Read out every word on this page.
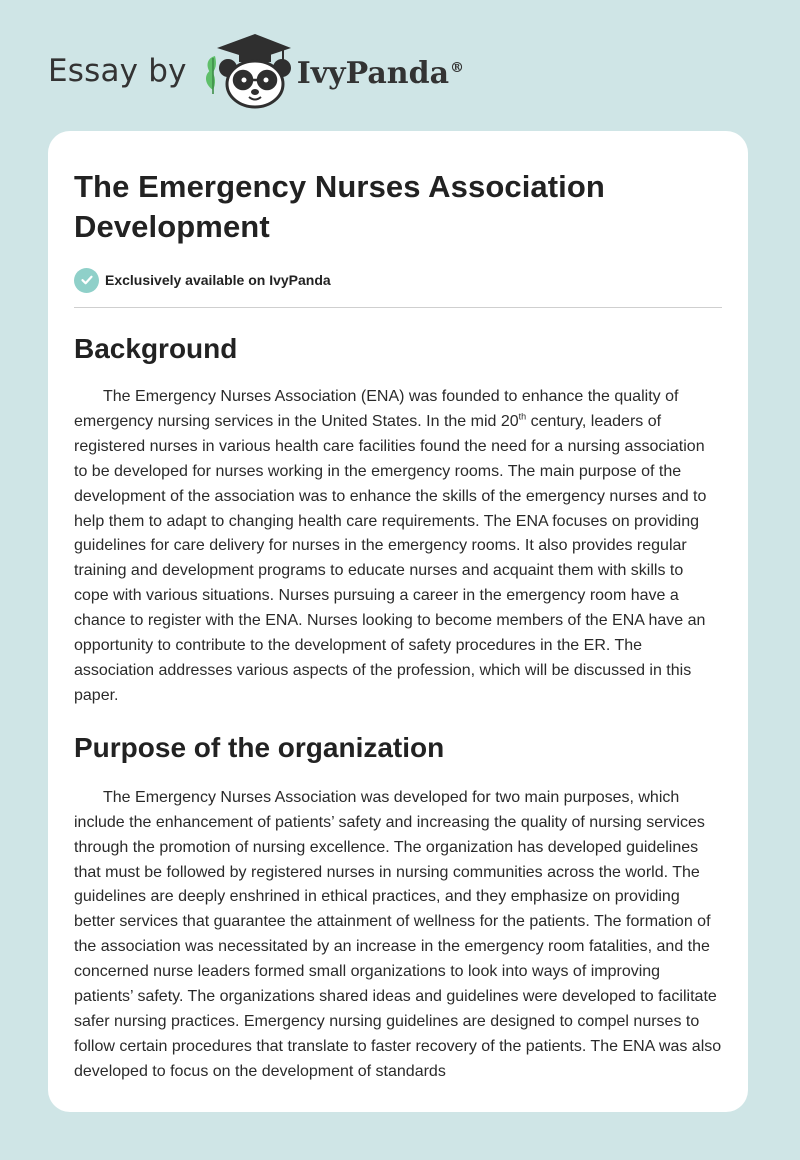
Essay by	IvyPanda®
The Emergency Nurses Association Development
Exclusively available on IvyPanda
Background

The Emergency Nurses Association (ENA) was founded to enhance the quality of emergency nursing services in the United States. In the mid 20th century, leaders of registered nurses in various health care facilities found the need for a nursing association to be developed for nurses working in the emergency rooms. The main purpose of the development of the association was to enhance the skills of the emergency nurses and to help them to adapt to changing health care requirements. The ENA focuses on providing guidelines for care delivery for nurses in the emergency rooms. It also provides regular training and development programs to educate nurses and acquaint them with skills to cope with various situations. Nurses pursuing a career in the emergency room have a chance to register with the ENA. Nurses looking to become members of the ENA have an opportunity to contribute to the development of safety procedures in the ER. The association addresses various aspects of the profession, which will be discussed in this paper.

Purpose of the organization

The Emergency Nurses Association was developed for two main purposes, which include the enhancement of patients’ safety and increasing the quality of nursing services through the promotion of nursing excellence. The organization has developed guidelines that must be followed by registered nurses in nursing communities across the world. The guidelines are deeply enshrined in ethical practices, and they emphasize on providing better services that guarantee the attainment of wellness for the patients. The formation of the association was necessitated by an increase in the emergency room fatalities, and the concerned nurse leaders formed small organizations to look into ways of improving patients’ safety. The organizations shared ideas and guidelines were developed to facilitate safer nursing practices. Emergency nursing guidelines are designed to compel nurses to follow certain procedures that translate to faster recovery of the patients. The ENA was also developed to focus on the development of standards
